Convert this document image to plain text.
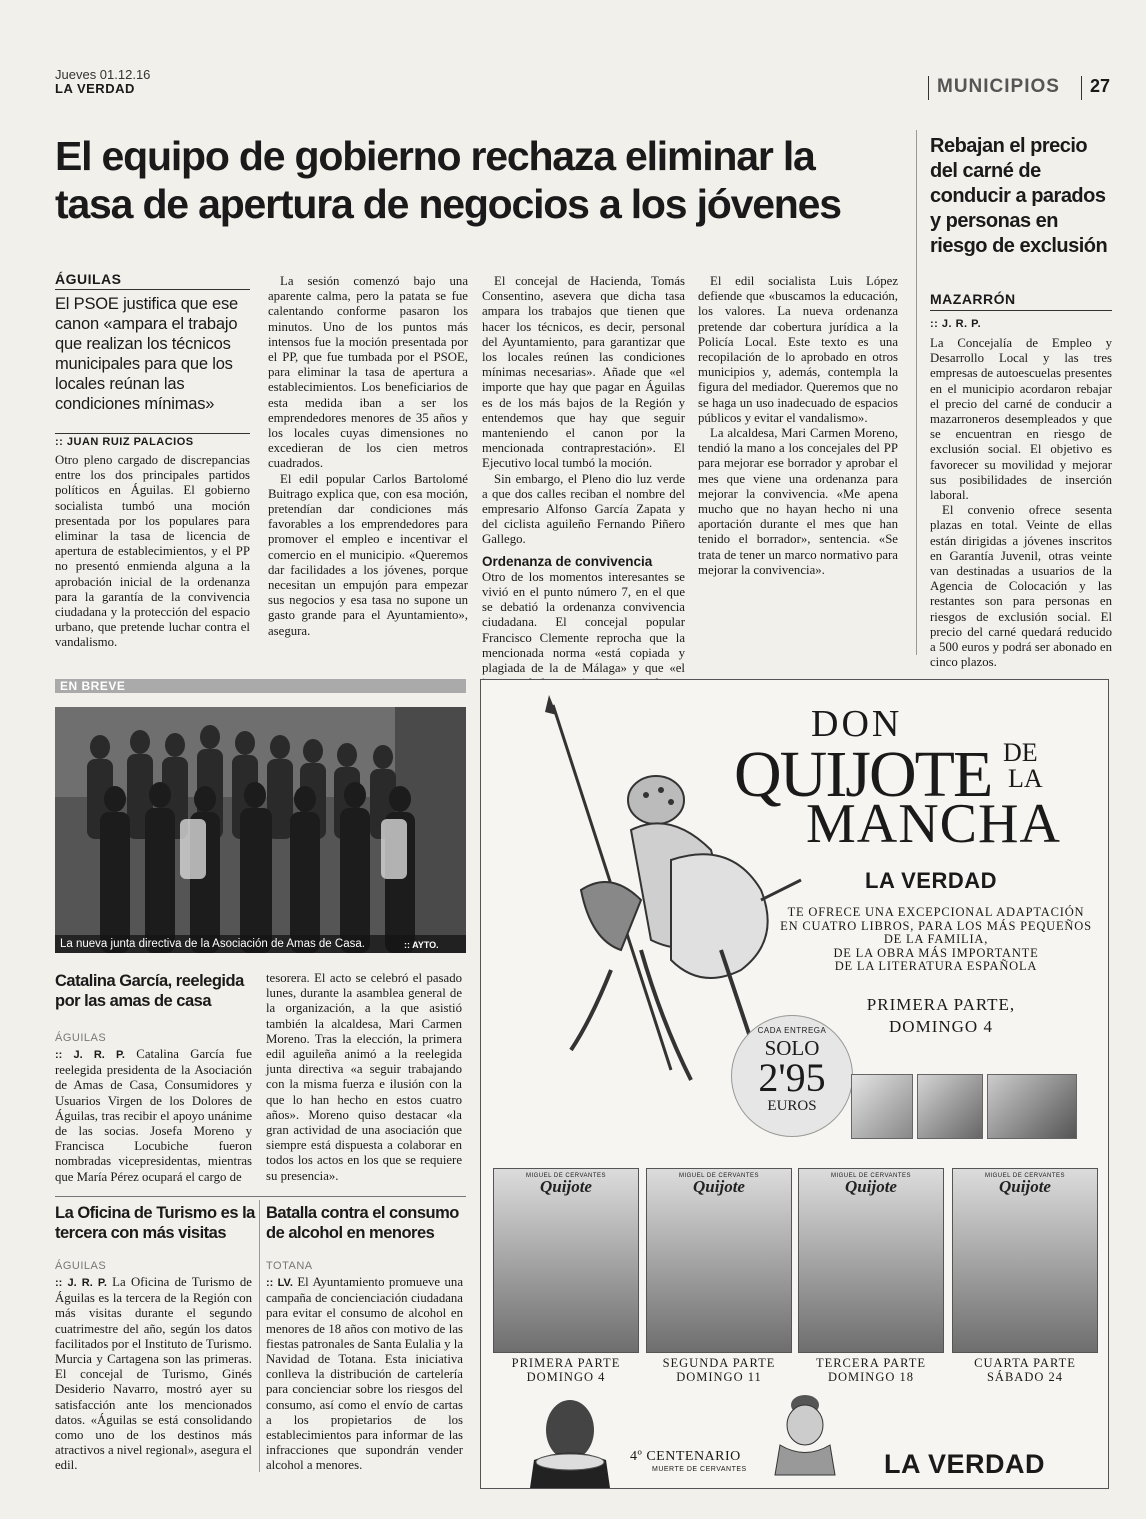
Jueves 01.12.16
LA VERDAD	MUNICIPIOS 27
El equipo de gobierno rechaza eliminar la
tasa de apertura de negocios a los jóvenes
ÁGUILAS
El PSOE justifica que ese canon «ampara el trabajo que realizan los técnicos municipales para que los locales reúnan las condiciones mínimas»
:: JUAN RUIZ PALACIOS

Otro pleno cargado de discrepancias entre los dos principales partidos políticos en Águilas. El gobierno socialista tumbó una moción presentada por los populares para eliminar la tasa de licencia de apertura de establecimientos, y el PP no presentó enmienda alguna a la aprobación inicial de la ordenanza para la garantía de la convivencia ciudadana y la protección del espacio urbano, que pretende luchar contra el vandalismo.

La sesión comenzó bajo una aparente calma, pero la patata se fue calentando conforme pasaron los minutos. Uno de los puntos más intensos fue la moción presentada por el PP, que fue tumbada por el PSOE, para eliminar la tasa de apertura a establecimientos. Los beneficiarios de esta medida iban a ser los emprendedores menores de 35 años y los locales cuyas dimensiones no excedieran de los cien metros cuadrados.

El edil popular Carlos Bartolomé Buitrago explica que, con esa moción, pretendían dar condiciones más favorables a los emprendedores para promover el empleo e incentivar el comercio en el municipio. «Queremos dar facilidades a los jóvenes, porque necesitan un empujón para empezar sus negocios y esa tasa no supone un gasto grande para el Ayuntamiento», asegura.

El concejal de Hacienda, Tomás Consentino, asevera que dicha tasa ampara los trabajos que tienen que hacer los técnicos, es decir, personal del Ayuntamiento, para garantizar que los locales reúnen las condiciones mínimas necesarias». Añade que «el importe que hay que pagar en Águilas es de los más bajos de la Región y entendemos que hay que seguir manteniendo el canon por la mencionada contraprestación». El Ejecutivo local tumbó la moción.

Sin embargo, el Pleno dio luz verde a que dos calles reciban el nombre del empresario Alfonso García Zapata y del ciclista aguileño Fernando Piñero Gallego.

Ordenanza de convivencia

Otro de los momentos interesantes se vivió en el punto número 7, en el que se debatió la ordenanza convivencia ciudadana. El concejal popular Francisco Clemente reprocha que la mencionada norma «está copiada y plagiada de la de Málaga» y que «el

El edil socialista Luis López defiende que «buscamos la educación, los valores. La nueva ordenanza pretende dar cobertura jurídica a la Policía Local. Este texto es una recopilación de lo aprobado en otros municipios y, además, contempla la figura del mediador. Queremos que no se haga un uso inadecuado de espacios públicos y evitar el vandalismo».

La alcaldesa, Mari Carmen Moreno, tendió la mano a los concejales del PP para mejorar ese borrador y aprobar el mes que viene una ordenanza para mejorar la convivencia. «Me apena mucho que no hayan hecho ni una aportación durante el mes que han tenido el borrador», sentencia. «Se trata de tener un marco normativo para mejorar la convivencia».

Rebajan el precio del carné de conducir a parados y personas en riesgo de exclusión
MAZARRÓN
:: J. R. P.

La Concejalía de Empleo y Desarrollo Local y las tres empresas de autoescuelas presentes en el municipio acordaron rebajar el precio del carné de conducir a mazarroneros desempleados y que se encuentran en riesgo de exclusión social. El objetivo es favorecer su movilidad y mejorar sus posibilidades de inserción laboral.

El convenio ofrece sesenta plazas en total. Veinte de ellas están dirigidas a jóvenes inscritos en Garantía Juvenil, otras veinte van destinadas a usuarios de la Agencia de Colocación y las restantes son para personas en riesgos de exclusión social. El precio del carné quedará reducido a 500 euros y podrá ser abonado en cinco plazos.

EN BREVE
La nueva junta directiva de la Asociación de Amas de Casa.	:: AYTO.
Catalina García, reelegida por las amas de casa
ÁGUILAS

:: J. R. P. Catalina García fue reelegida presidenta de la Asociación de Amas de Casa, Consumidores y Usuarios Virgen de los Dolores de Águilas, tras recibir el apoyo unánime de las socias. Josefa Moreno y Francisca Locubiche fueron nombradas vicepresidentas, mientras que María Pérez ocupará el cargo de

tesorera. El acto se celebró el pasado lunes, durante la asamblea general de la organización, a la que asistió también la alcaldesa, Mari Carmen Moreno. Tras la elección, la primera edil aguileña animó a la reelegida junta directiva «a seguir trabajando con la misma fuerza e ilusión con la que lo han hecho en estos cuatro años». Moreno quiso destacar «la gran actividad de una asociación que siempre está dispuesta a colaborar en todos los actos en los que se requiere su presencia».

La Oficina de Turismo es la tercera con más visitas
ÁGUILAS

:: J. R. P. La Oficina de Turismo de Águilas es la tercera de la Región con más visitas durante el segundo cuatrimestre del año, según los datos facilitados por el Instituto de Turismo. Murcia y Cartagena son las primeras. El concejal de Turismo, Ginés Desiderio Navarro, mostró ayer su satisfacción ante los mencionados datos. «Águilas se está consolidando como uno de los destinos más atractivos a nivel regional», asegura el edil.

Batalla contra el consumo de alcohol en menores
TOTANA

:: LV. El Ayuntamiento promueve una campaña de concienciación ciudadana para evitar el consumo de alcohol en menores de 18 años con motivo de las fiestas patronales de Santa Eulalia y la Navidad de Totana. Esta iniciativa conlleva la distribución de cartelería para concienciar sobre los riesgos del consumo, así como el envío de cartas a los propietarios de los establecimientos para informar de las infracciones que supondrán vender alcohol a menores.

DON
QUIJOTE DE
LA
MANCHA
LA VERDAD
TE OFRECE UNA EXCEPCIONAL ADAPTACIÓN
EN CUATRO LIBROS, PARA LOS MÁS PEQUEÑOS
DE LA FAMILIA,
DE LA OBRA MÁS IMPORTANTE
DE LA LITERATURA ESPAÑOLA
PRIMERA PARTE,
DOMINGO 4
CADA ENTREGA
SOLO
2'95
EUROS
MIGUEL DE CERVANTES
Quijote
MIGUEL DE CERVANTES
Quijote
MIGUEL DE CERVANTES
Quijote
MIGUEL DE CERVANTES
Quijote
PRIMERA PARTE
DOMINGO 4
SEGUNDA PARTE
DOMINGO 11
TERCERA PARTE
DOMINGO 18
CUARTA PARTE
SÁBADO 24
4º CENTENARIO
MUERTE DE CERVANTES	LA VERDAD
